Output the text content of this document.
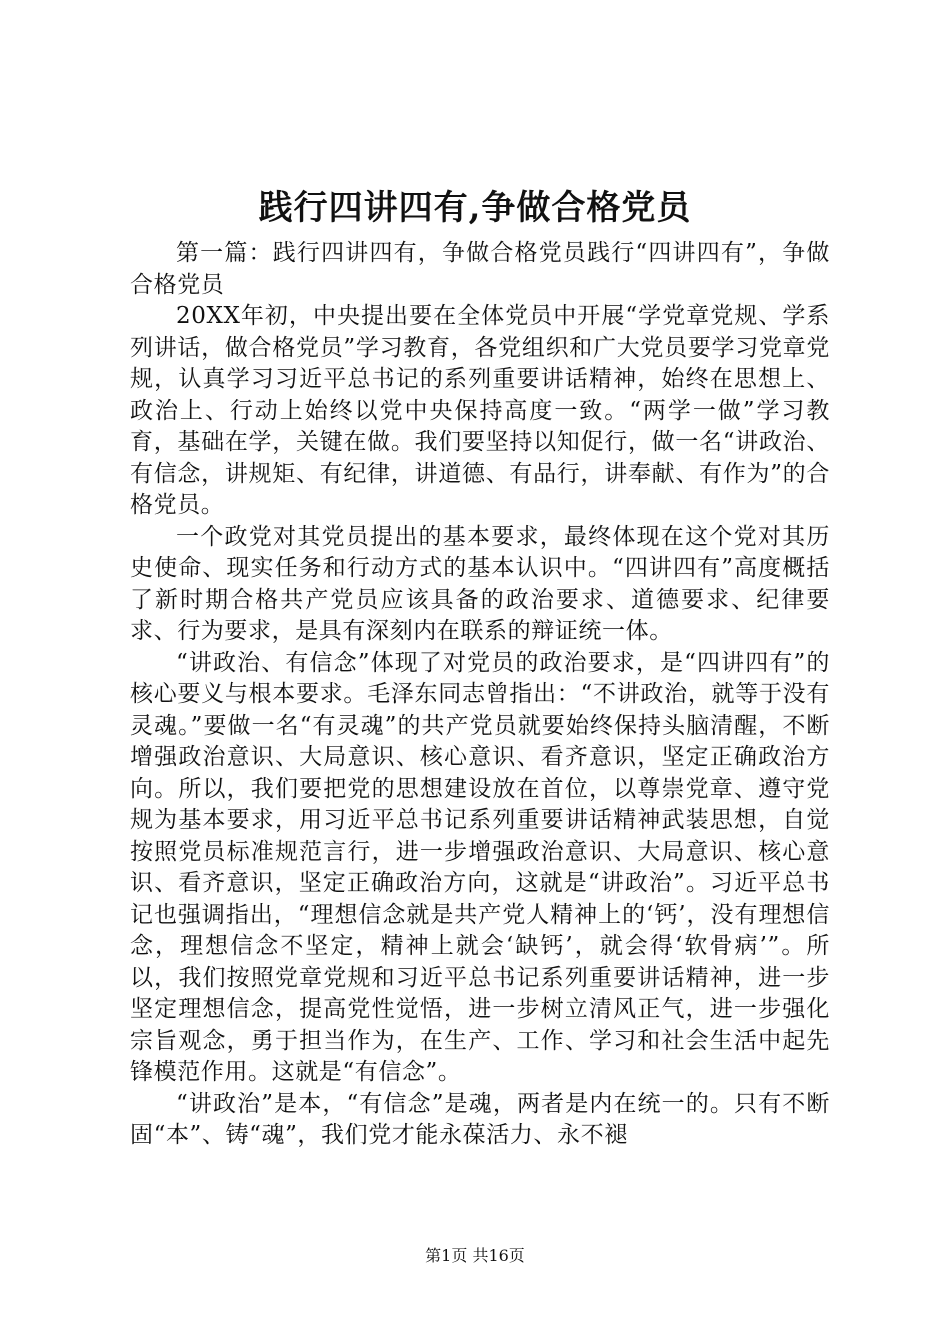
践行四讲四有,争做合格党员

第一篇：践行四讲四有，争做合格党员践行“四讲四有”，争做合格党员

20XX年初，中央提出要在全体党员中开展“学党章党规、学系列讲话，做合格党员”学习教育，各党组织和广大党员要学习党章党规，认真学习习近平总书记的系列重要讲话精神，始终在思想上、政治上、行动上始终以党中央保持高度一致。“两学一做”学习教育，基础在学，关键在做。我们要坚持以知促行，做一名“讲政治、有信念，讲规矩、有纪律，讲道德、有品行，讲奉献、有作为”的合格党员。

一个政党对其党员提出的基本要求，最终体现在这个党对其历史使命、现实任务和行动方式的基本认识中。“四讲四有”高度概括了新时期合格共产党员应该具备的政治要求、道德要求、纪律要求、行为要求，是具有深刻内在联系的辩证统一体。

“讲政治、有信念”体现了对党员的政治要求，是“四讲四有”的核心要义与根本要求。毛泽东同志曾指出：“不讲政治，就等于没有灵魂。”要做一名“有灵魂”的共产党员就要始终保持头脑清醒，不断增强政治意识、大局意识、核心意识、看齐意识，坚定正确政治方向。所以，我们要把党的思想建设放在首位，以尊崇党章、遵守党规为基本要求，用习近平总书记系列重要讲话精神武装思想，自觉按照党员标准规范言行，进一步增强政治意识、大局意识、核心意识、看齐意识，坚定正确政治方向，这就是“讲政治”。习近平总书记也强调指出，“理想信念就是共产党人精神上的‘钙’，没有理想信念，理想信念不坚定，精神上就会‘缺钙’，就会得‘软骨病’”。所以，我们按照党章党规和习近平总书记系列重要讲话精神，进一步坚定理想信念，提高党性觉悟，进一步树立清风正气，进一步强化宗旨观念，勇于担当作为，在生产、工作、学习和社会生活中起先锋模范作用。这就是“有信念”。

“讲政治”是本，“有信念”是魂，两者是内在统一的。只有不断固“本”、铸“魂”，我们党才能永葆活力、永不褪

第1页 共16页
